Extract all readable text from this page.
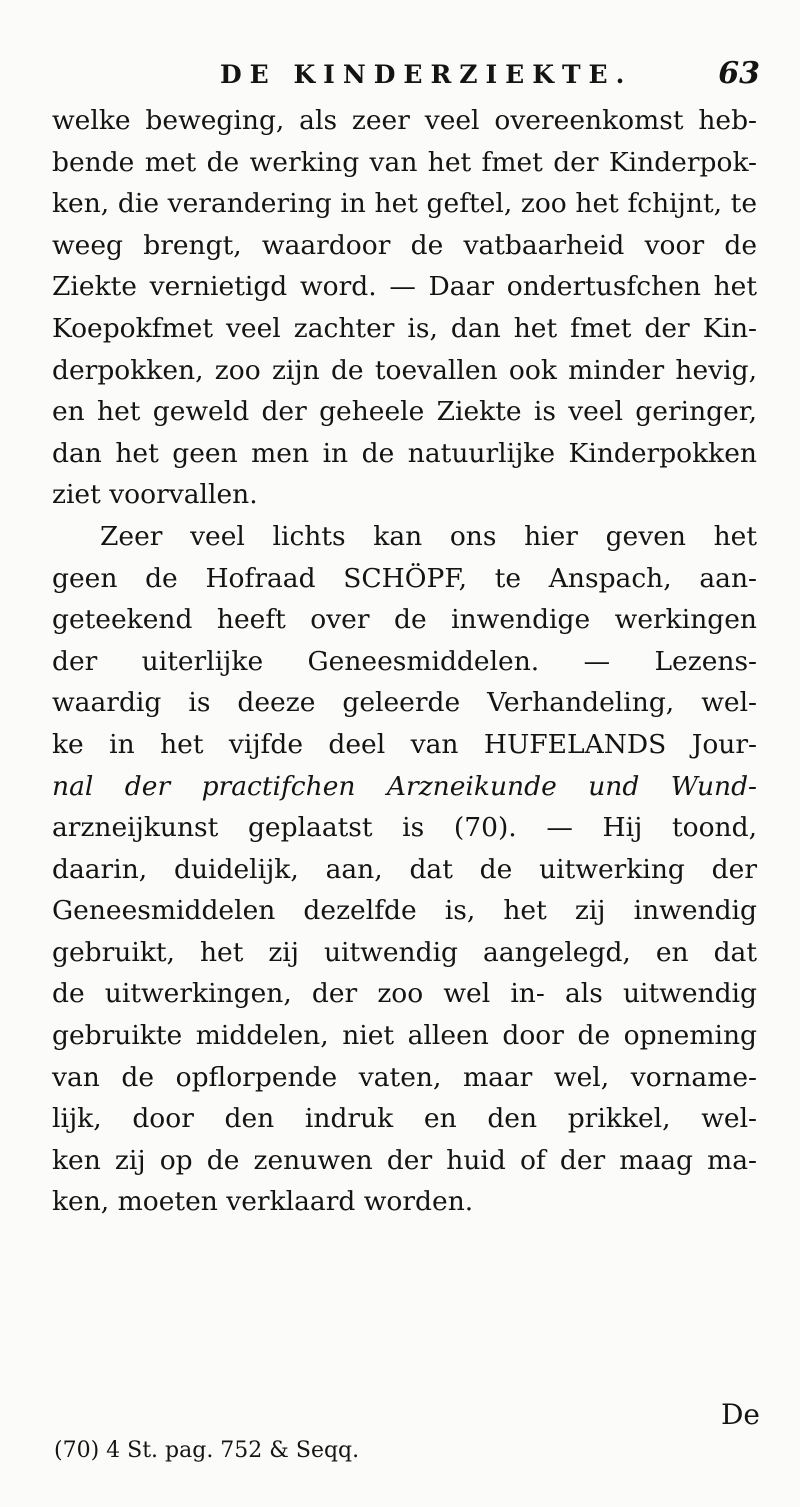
DE KINDERZIEKTE.	63
welke beweging, als zeer veel overeenkomst heb-
bende met de werking van het fmet der Kinderpok-
ken, die verandering in het geftel, zoo het fchijnt, te
weeg brengt, waardoor de vatbaarheid voor de
Ziekte vernietigd word. — Daar ondertusfchen het
Koepokfmet veel zachter is, dan het fmet der Kin-
derpokken, zoo zijn de toevallen ook minder hevig,
en het geweld der geheele Ziekte is veel geringer,
dan het geen men in de natuurlijke Kinderpokken
ziet voorvallen.
Zeer veel lichts kan ons hier geven het
geen de Hofraad SCHÖPF, te Anspach, aan-
geteekend heeft over de inwendige werkingen
der uiterlijke Geneesmiddelen. — Lezens-
waardig is deeze geleerde Verhandeling, wel-
ke in het vijfde deel van HUFELANDS Jour-
nal der practifchen Arzneikunde und Wund-
arzneijkunst geplaatst is (70). — Hij toond,
daarin, duidelijk, aan, dat de uitwerking der
Geneesmiddelen dezelfde is, het zij inwendig
gebruikt, het zij uitwendig aangelegd, en dat
de uitwerkingen, der zoo wel in- als uitwendig
gebruikte middelen, niet alleen door de opneming
van de opflorpende vaten, maar wel, vorname-
lijk, door den indruk en den prikkel, wel-
ken zij op de zenuwen der huid of der maag ma-
ken, moeten verklaard worden.
De
(70) 4 St. pag. 752 & Seqq.
